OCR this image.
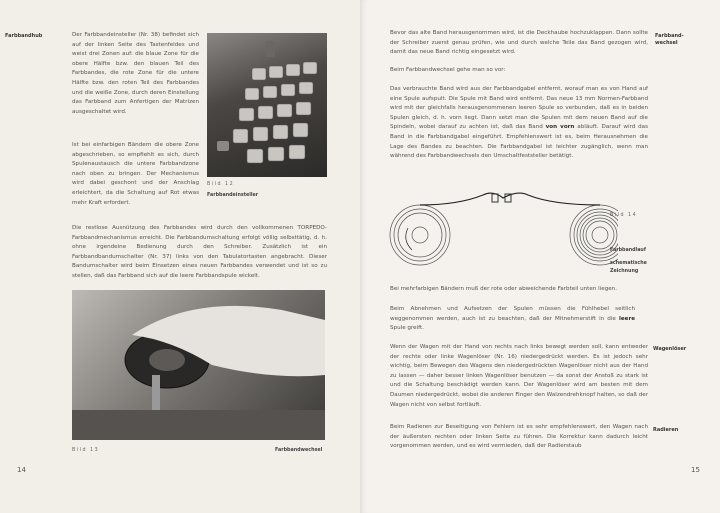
Farbbandhub	Der Farbbandeinsteller (Nr. 38) befindet sich auf der linken Seite des Tastenfeldes und weist drei Zonen auf: die blaue Zone für die obere Hälfte bzw. den blauen Teil des Farbbandes, die rote Zone für die untere Hälfte bzw. den roten Teil des Farbbandes und die weiße Zone, durch deren Einstellung das Farbband zum Anfertigen der Matrizen ausgeschaltet wird.
Ist bei einfarbigen Bändern die obere Zone abgeschrieben, so empfiehlt es sich, durch Spulenaustausch die untere Farbbandzone nach oben zu bringen. Der Mechanismus wird dabei geschont und der Anschlag erleichtert, da die Schaltung auf Rot etwas mehr Kraft erfordert.
Bild 12
Farbbandeinsteller
Die restlose Ausnützung des Farbbandes wird durch den vollkommenen TORPEDO-Farbbandmechanismus erreicht. Die Farbbandumschaltung erfolgt völlig selbsttätig, d. h. ohne irgendeine Bedienung durch den Schreiber. Zusätzlich ist ein Farbbandbandumschalter (Nr. 37) links von den Tabulatortasten angebracht. Dieser Bandumschalter wird beim Einsetzen eines neuen Farbbandes verwendet und ist so zu stellen, daß das Farbband sich auf die leere Farbbandspule wickelt.
Bild 13	Farbbandwechsel
14
Bevor das alte Band herausgenommen wird, ist die Deckhaube hochzuklappen. Dann sollte der Schreiber zuerst genau prüfen, wie und durch welche Teile das Band gezogen wird, damit das neue Band richtig eingesetzt wird.
Farbband-wechsel
Beim Farbbandwechsel gehe man so vor:
Das verbrauchte Band wird aus der Farbbandgabel entfernt, worauf man es von Hand auf eine Spule aufspult. Die Spule mit Band wird entfernt. Das neue 13 mm Normen-Farbband wird mit der gleichfalls herausgenommenen leeren Spule so verbunden, daß es in beiden Spulen gleich, d. h. vorn liegt. Dann setzt man die Spulen mit dem neuen Band auf die Spindeln, wobei darauf zu achten ist, daß das Band von vorn abläuft. Darauf wird das Band in die Farbbandgabel eingeführt. Empfehlenswert ist es, beim Herausnehmen die Lage des Bandes zu beachten. Die Farbbandgabel ist leichter zugänglich, wenn man während des Farbbandwechsels den Umschaltfeststeller betätigt.
Bild 14
Farbbandlauf
schematische Zeichnung
Bei mehrfarbigen Bändern muß der rote oder abweichende Farbteil unten liegen.
Beim Abnehmen und Aufsetzen der Spulen müssen die Fühlhebel seitlich weggenommen werden, auch ist zu beachten, daß der Mitnehmerstift in die leere Spule greift.
Wenn der Wagen mit der Hand von rechts nach links bewegt werden soll, kann entweder der rechte oder linke Wagenlöser (Nr. 16) niedergedrückt werden. Es ist jedoch sehr wichtig, beim Bewegen des Wagens den niedergedrückten Wagenlöser nicht aus der Hand zu lassen — daher besser linken Wagenlöser benutzen — da sonst der Anstoß zu stark ist und die Schaltung beschädigt werden kann. Der Wagenlöser wird am besten mit dem Daumen niedergedrückt, wobei die anderen Finger den Walzendrehknopf halten, so daß der Wagen nicht von selbst fortläuft.
Wagenlöser
Beim Radieren zur Beseitigung von Fehlern ist es sehr empfehlenswert, den Wagen nach der äußersten rechten oder linken Seite zu führen. Die Korrektur kann dadurch leicht vorgenommen werden, und es wird vermieden, daß der Radierstaub
Radieren
15
